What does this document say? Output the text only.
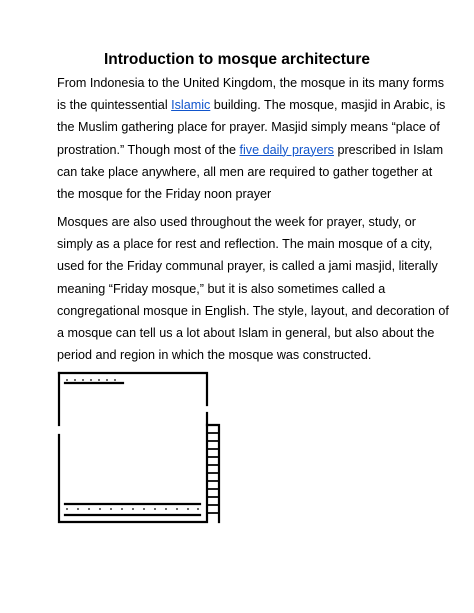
Introduction to mosque architecture
From Indonesia to the United Kingdom, the mosque in its many forms
is the quintessential Islamic building. The mosque, masjid in Arabic, is
the Muslim gathering place for prayer. Masjid simply means “place of
prostration.” Though most of the five daily prayers prescribed in Islam
can take place anywhere, all men are required to gather together at
the mosque for the Friday noon prayer
Mosques are also used throughout the week for prayer, study, or
simply as a place for rest and reflection. The main mosque of a city,
used for the Friday communal prayer, is called a jami masjid, literally
meaning “Friday mosque,” but it is also sometimes called a
congregational mosque in English. The style, layout, and decoration of
a mosque can tell us a lot about Islam in general, but also about the
period and region in which the mosque was constructed.
